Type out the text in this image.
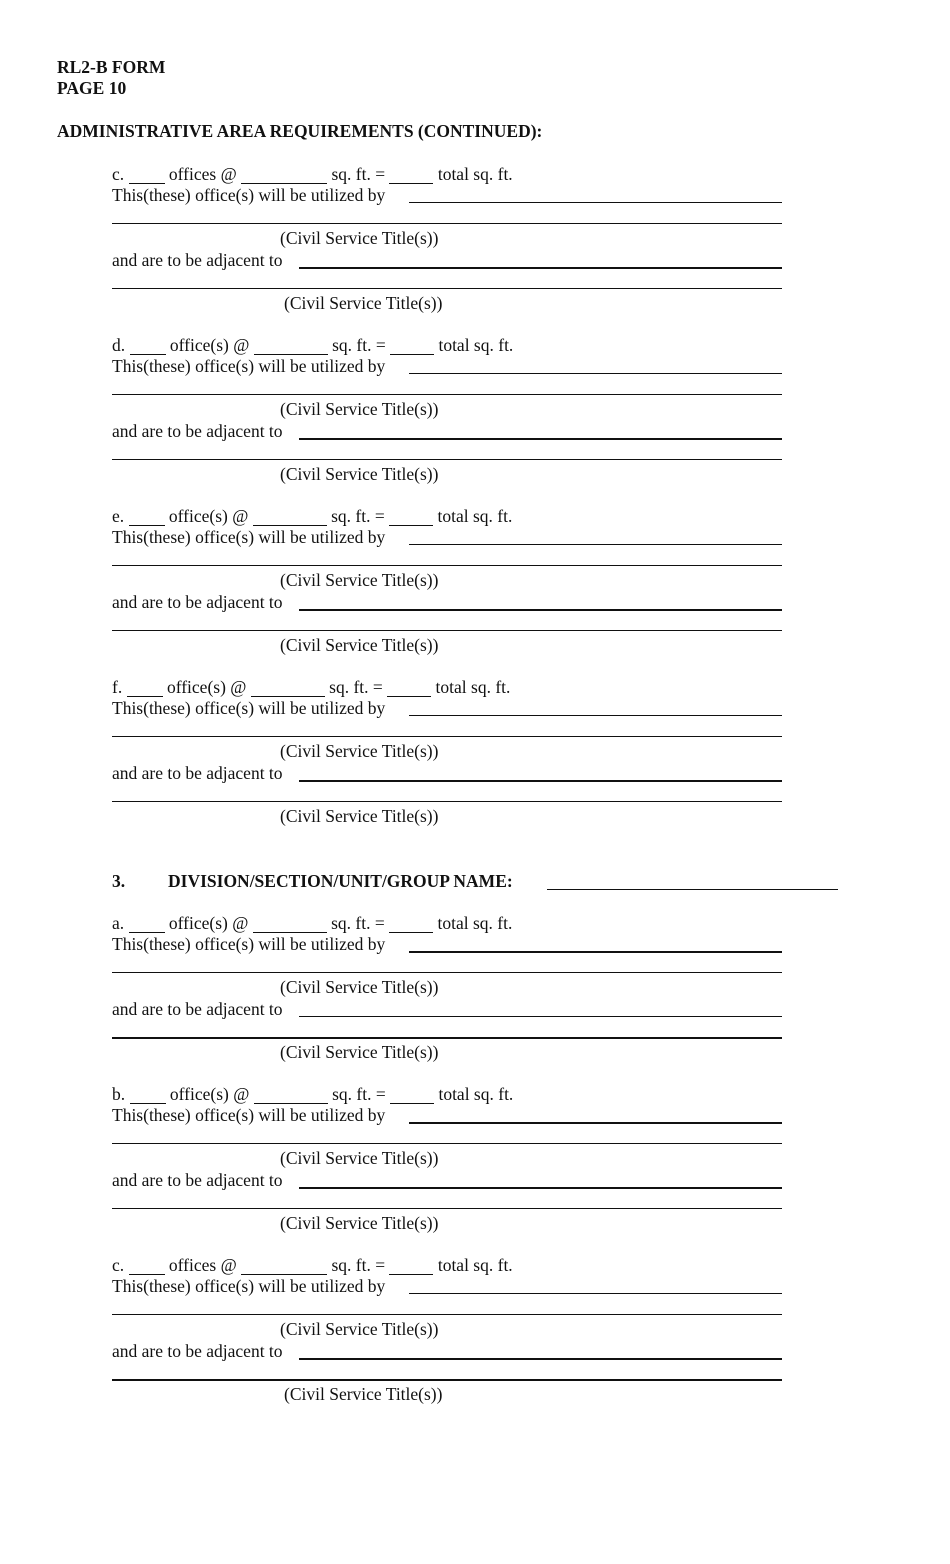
RL2-B FORM
PAGE 10
ADMINISTRATIVE AREA REQUIREMENTS (CONTINUED):
c.	offices @	sq. ft. =	total sq. ft.
This(these) office(s) will be utilized by
(Civil Service Title(s))
and are to be adjacent to
(Civil Service Title(s))
d.	office(s) @	sq. ft. =	total sq. ft.
This(these) office(s) will be utilized by
(Civil Service Title(s))
and are to be adjacent to
(Civil Service Title(s))
e.	office(s) @	sq. ft. =	total sq. ft.
This(these) office(s) will be utilized by
(Civil Service Title(s))
and are to be adjacent to
(Civil Service Title(s))
f.	office(s) @	sq. ft. =	total sq. ft.
This(these) office(s) will be utilized by
(Civil Service Title(s))
and are to be adjacent to
(Civil Service Title(s))
3. DIVISION/SECTION/UNIT/GROUP NAME:
a.	office(s) @	sq. ft. =	total sq. ft.
This(these) office(s) will be utilized by
(Civil Service Title(s))
and are to be adjacent to
(Civil Service Title(s))
b.	office(s) @	sq. ft. =	total sq. ft.
This(these) office(s) will be utilized by
(Civil Service Title(s))
and are to be adjacent to
(Civil Service Title(s))
c.	offices @	sq. ft. =	total sq. ft.
This(these) office(s) will be utilized by
(Civil Service Title(s))
and are to be adjacent to
(Civil Service Title(s))
